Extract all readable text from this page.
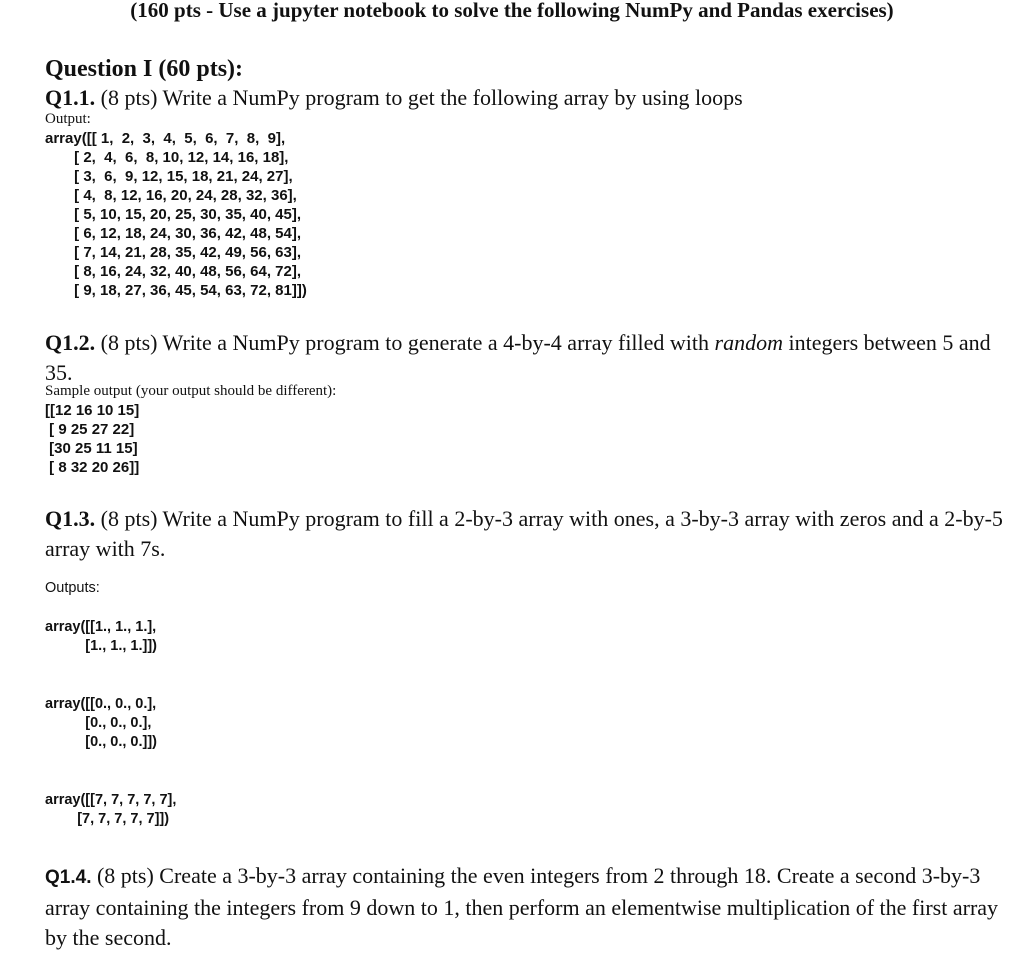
(160 pts - Use a jupyter notebook to solve the following NumPy and Pandas exercises)
Question I (60 pts):
Q1.1. (8 pts) Write a NumPy program to get the following array by using loops
Output:
array([[ 1,  2,  3,  4,  5,  6,  7,  8,  9],
[ 2,  4,  6,  8, 10, 12, 14, 16, 18],
[ 3,  6,  9, 12, 15, 18, 21, 24, 27],
[ 4,  8, 12, 16, 20, 24, 28, 32, 36],
[ 5, 10, 15, 20, 25, 30, 35, 40, 45],
[ 6, 12, 18, 24, 30, 36, 42, 48, 54],
[ 7, 14, 21, 28, 35, 42, 49, 56, 63],
[ 8, 16, 24, 32, 40, 48, 56, 64, 72],
[ 9, 18, 27, 36, 45, 54, 63, 72, 81]])
Q1.2. (8 pts) Write a NumPy program to generate a 4-by-4 array filled with random integers between 5 and 35.
Sample output (your output should be different):
[[12 16 10 15]
[ 9 25 27 22]
[30 25 11 15]
[ 8 32 20 26]]
Q1.3. (8 pts) Write a NumPy program to fill a 2-by-3 array with ones, a 3-by-3 array with zeros and a 2-by-5 array with 7s.
Outputs:
array([[1., 1., 1.],
[1., 1., 1.]])
array([[0., 0., 0.],
[0., 0., 0.],
[0., 0., 0.]])
array([[7, 7, 7, 7, 7],
[7, 7, 7, 7, 7]])
Q1.4. (8 pts) Create a 3-by-3 array containing the even integers from 2 through 18. Create a second 3-by-3 array containing the integers from 9 down to 1, then perform an elementwise multiplication of the first array by the second.
